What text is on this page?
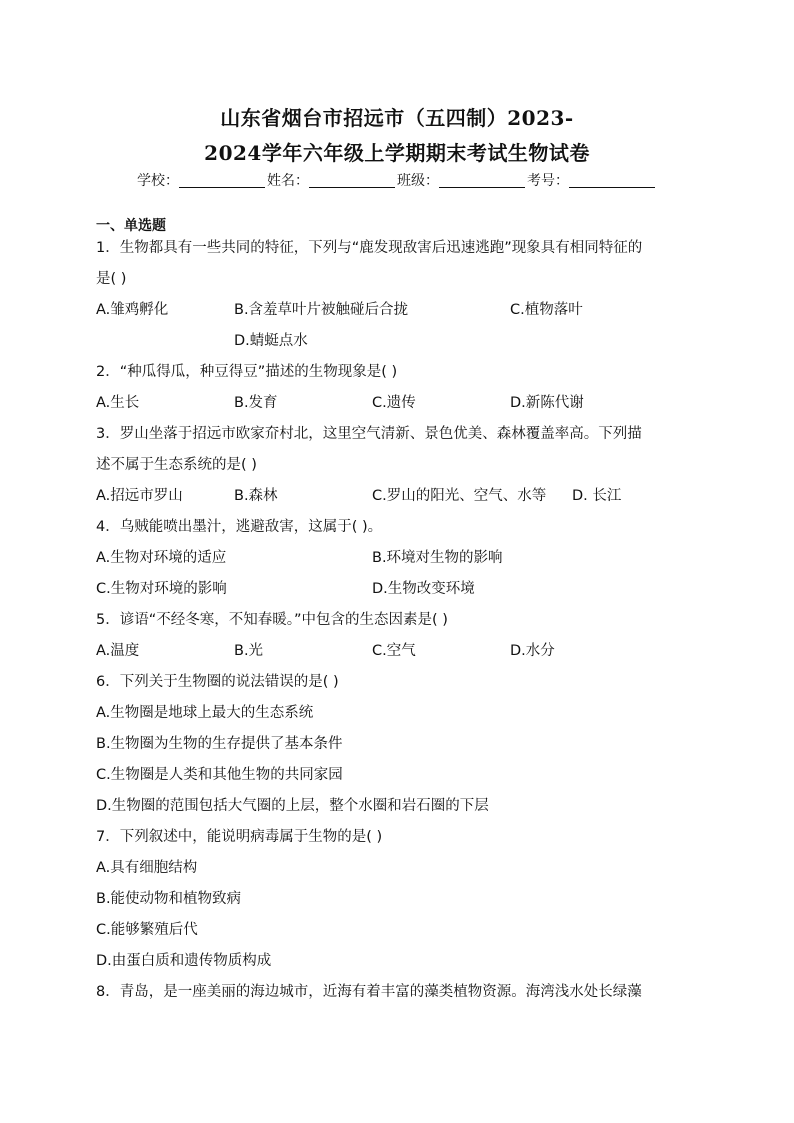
山东省烟台市招远市（五四制）2023-
2024学年六年级上学期期末考试生物试卷
学校：	姓名：	班级：	考号：
一、单选题
1．生物都具有一些共同的特征，下列与“鹿发现敌害后迅速逃跑”现象具有相同特征的
是( )
A.雏鸡孵化	B.含羞草叶片被触碰后合拢	C.植物落叶
D.蜻蜓点水
2．“种瓜得瓜，种豆得豆”描述的生物现象是( )
A.生长	B.发育	C.遗传	D.新陈代谢
3．罗山坐落于招远市欧家夼村北，这里空气清新、景色优美、森林覆盖率高。下列描
述不属于生态系统的是( )
A.招远市罗山	B.森林	C.罗山的阳光、空气、水等 D. 长江
4．乌贼能喷出墨汁，逃避敌害，这属于( )。
A.生物对环境的适应	B.环境对生物的影响
C.生物对环境的影响	D.生物改变环境
5．谚语“不经冬寒，不知春暖。”中包含的生态因素是( )
A.温度	B.光	C.空气	D.水分
6．下列关于生物圈的说法错误的是( )
A.生物圈是地球上最大的生态系统
B.生物圈为生物的生存提供了基本条件
C.生物圈是人类和其他生物的共同家园
D.生物圈的范围包括大气圈的上层，整个水圈和岩石圈的下层
7．下列叙述中，能说明病毒属于生物的是( )
A.具有细胞结构
B.能使动物和植物致病
C.能够繁殖后代
D.由蛋白质和遗传物质构成
8．青岛，是一座美丽的海边城市，近海有着丰富的藻类植物资源。海湾浅水处长绿藻
